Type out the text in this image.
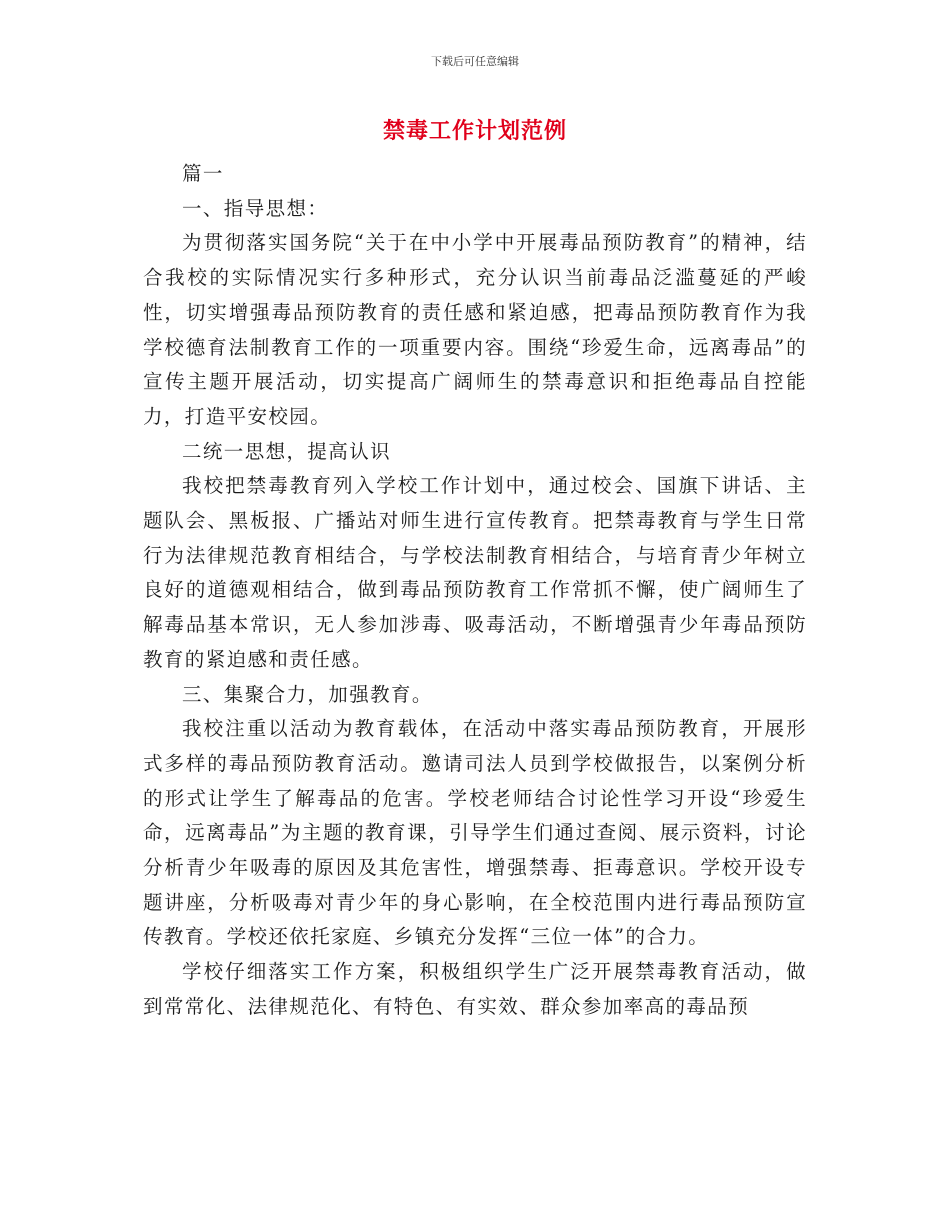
下载后可任意编辑
禁毒工作计划范例

篇一

一、指导思想：

为贯彻落实国务院“关于在中小学中开展毒品预防教育”的精神，结合我校的实际情况实行多种形式，充分认识当前毒品泛滥蔓延的严峻性，切实增强毒品预防教育的责任感和紧迫感，把毒品预防教育作为我学校德育法制教育工作的一项重要内容。围绕“珍爱生命，远离毒品”的宣传主题开展活动，切实提高广阔师生的禁毒意识和拒绝毒品自控能力，打造平安校园。

二统一思想，提高认识

我校把禁毒教育列入学校工作计划中，通过校会、国旗下讲话、主题队会、黑板报、广播站对师生进行宣传教育。把禁毒教育与学生日常行为法律规范教育相结合，与学校法制教育相结合，与培育青少年树立良好的道德观相结合，做到毒品预防教育工作常抓不懈，使广阔师生了解毒品基本常识，无人参加涉毒、吸毒活动，不断增强青少年毒品预防教育的紧迫感和责任感。

三、集聚合力，加强教育。

我校注重以活动为教育载体，在活动中落实毒品预防教育，开展形式多样的毒品预防教育活动。邀请司法人员到学校做报告，以案例分析的形式让学生了解毒品的危害。学校老师结合讨论性学习开设“珍爱生命，远离毒品”为主题的教育课，引导学生们通过查阅、展示资料，讨论分析青少年吸毒的原因及其危害性，增强禁毒、拒毒意识。学校开设专题讲座，分析吸毒对青少年的身心影响，在全校范围内进行毒品预防宣传教育。学校还依托家庭、乡镇充分发挥“三位一体”的合力。

学校仔细落实工作方案，积极组织学生广泛开展禁毒教育活动，做到常常化、法律规范化、有特色、有实效、群众参加率高的毒品预
